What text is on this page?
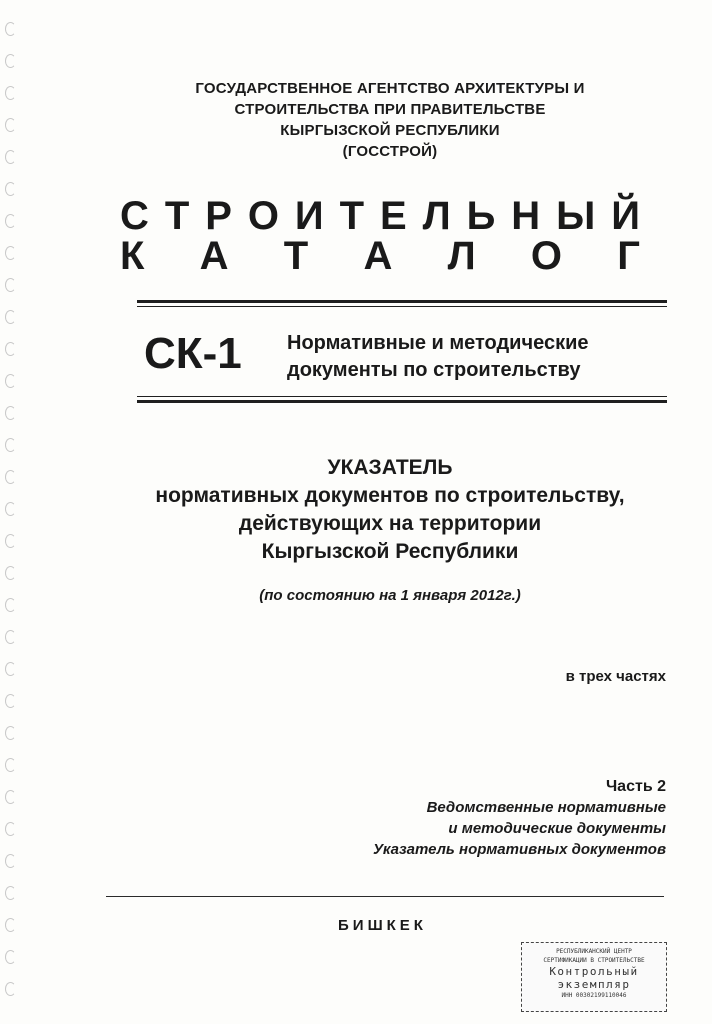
ГОСУДАРСТВЕННОЕ АГЕНТСТВО АРХИТЕКТУРЫ И
СТРОИТЕЛЬСТВА ПРИ ПРАВИТЕЛЬСТВЕ
КЫРГЫЗСКОЙ РЕСПУБЛИКИ
(ГОССТРОЙ)
С Т Р О И Т Е Л Ь Н Ы Й
К А Т А Л О Г
СК-1 Нормативные и методические
документы по строительству
УКАЗАТЕЛЬ
нормативных документов по строительству,
действующих на территории
Кыргызской Республики
(по состоянию на 1 января 2012г.)
в трех частях
Часть 2
Ведомственные нормативные
и методические документы
Указатель нормативных документов
БИШКЕК
РЕСПУБЛИКАНСКИЙ ЦЕНТР
СЕРТИФИКАЦИИ В СТРОИТЕЛЬСТВЕ
Контрольный
экземпляр
ИНН 00302199110046
